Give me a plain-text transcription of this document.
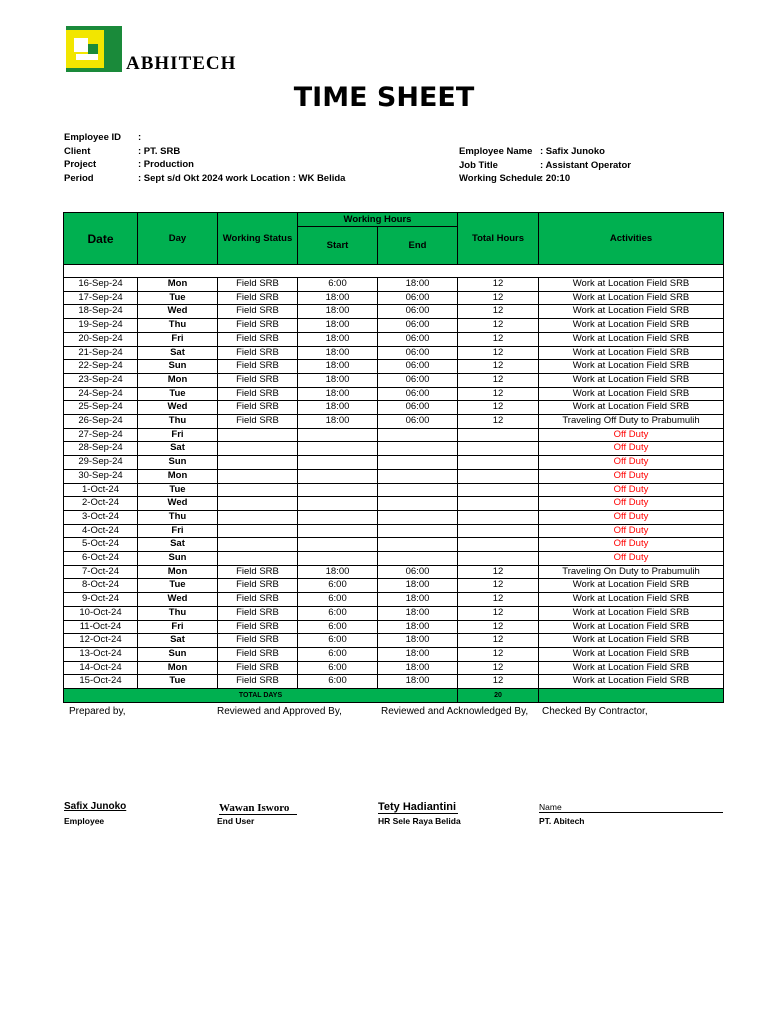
ABHITECH
TIME SHEET
Employee ID :
Client	: PT. SRB
Project	: Production
Period	: Sept s/d Okt 2024 work Location : WK Belida
Employee Name : Safix Junoko
Job Title	: Assistant Operator
Working Schedule: 20:10
Date	Day	Working Status	Working Hours		Total Hours	Activities
			Start	End		

16-Sep-24	Mon	Field SRB	6:00	18:00	12	Work at Location Field SRB
17-Sep-24	Tue	Field SRB	18:00	06:00	12	Work at Location Field SRB
18-Sep-24	Wed	Field SRB	18:00	06:00	12	Work at Location Field SRB
19-Sep-24	Thu	Field SRB	18:00	06:00	12	Work at Location Field SRB
20-Sep-24	Fri	Field SRB	18:00	06:00	12	Work at Location Field SRB
21-Sep-24	Sat	Field SRB	18:00	06:00	12	Work at Location Field SRB
22-Sep-24	Sun	Field SRB	18:00	06:00	12	Work at Location Field SRB
23-Sep-24	Mon	Field SRB	18:00	06:00	12	Work at Location Field SRB
24-Sep-24	Tue	Field SRB	18:00	06:00	12	Work at Location Field SRB
25-Sep-24	Wed	Field SRB	18:00	06:00	12	Work at Location Field SRB
26-Sep-24	Thu	Field SRB	18:00	06:00	12	Traveling Off Duty to Prabumulih
27-Sep-24	Fri					Off Duty
28-Sep-24	Sat					Off Duty
29-Sep-24	Sun					Off Duty
30-Sep-24	Mon					Off Duty
1-Oct-24	Tue					Off Duty
2-Oct-24	Wed					Off Duty
3-Oct-24	Thu					Off Duty
4-Oct-24	Fri					Off Duty
5-Oct-24	Sat					Off Duty
6-Oct-24	Sun					Off Duty
7-Oct-24	Mon	Field SRB	18:00	06:00	12	Traveling On Duty to Prabumulih
8-Oct-24	Tue	Field SRB	6:00	18:00	12	Work at Location Field SRB
9-Oct-24	Wed	Field SRB	6:00	18:00	12	Work at Location Field SRB
10-Oct-24	Thu	Field SRB	6:00	18:00	12	Work at Location Field SRB
11-Oct-24	Fri	Field SRB	6:00	18:00	12	Work at Location Field SRB
12-Oct-24	Sat	Field SRB	6:00	18:00	12	Work at Location Field SRB
13-Oct-24	Sun	Field SRB	6:00	18:00	12	Work at Location Field SRB
14-Oct-24	Mon	Field SRB	6:00	18:00	12	Work at Location Field SRB
15-Oct-24	Tue	Field SRB	6:00	18:00	12	Work at Location Field SRB
TOTAL DAYS					20	
Prepared by,	Reviewed and Approved By,	Reviewed and Acknowledged By, Checked By Contractor,
Safix Junoko
Employee
Wawan Isworo
End User
Tety Hadiantini
HR Sele Raya Belida
Name
PT. Abitech
